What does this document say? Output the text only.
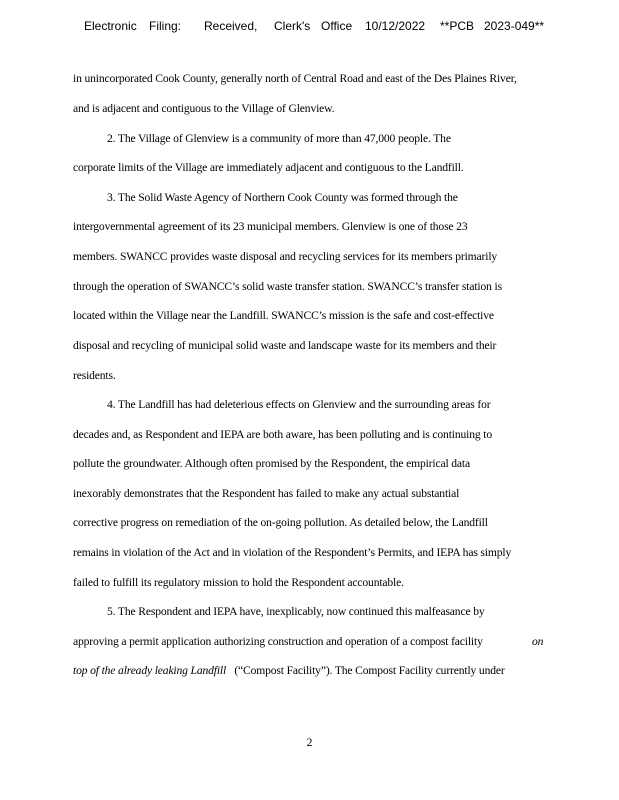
Electronic Filing: Received, Clerk's Office 10/12/2022 **PCB 2023-049**
in unincorporated Cook County, generally north of Central Road and east of the Des Plaines River,
and is adjacent and contiguous to the Village of Glenview.
2. The Village of Glenview is a community of more than 47,000 people. The
corporate limits of the Village are immediately adjacent and contiguous to the Landfill.
3. The Solid Waste Agency of Northern Cook County was formed through the
intergovernmental agreement of its 23 municipal members. Glenview is one of those 23
members. SWANCC provides waste disposal and recycling services for its members primarily
through the operation of SWANCC’s solid waste transfer station. SWANCC’s transfer station is
located within the Village near the Landfill. SWANCC’s mission is the safe and cost-effective
disposal and recycling of municipal solid waste and landscape waste for its members and their
residents.
4. The Landfill has had deleterious effects on Glenview and the surrounding areas for
decades and, as Respondent and IEPA are both aware, has been polluting and is continuing to
pollute the groundwater. Although often promised by the Respondent, the empirical data
inexorably demonstrates that the Respondent has failed to make any actual substantial
corrective progress on remediation of the on-going pollution. As detailed below, the Landfill
remains in violation of the Act and in violation of the Respondent’s Permits, and IEPA has simply
failed to fulfill its regulatory mission to hold the Respondent accountable.
5. The Respondent and IEPA have, inexplicably, now continued this malfeasance by
approving a permit application authorizing construction and operation of a compost facility	on
top of the already leaking Landfill (“Compost Facility”). The Compost Facility currently under
2
